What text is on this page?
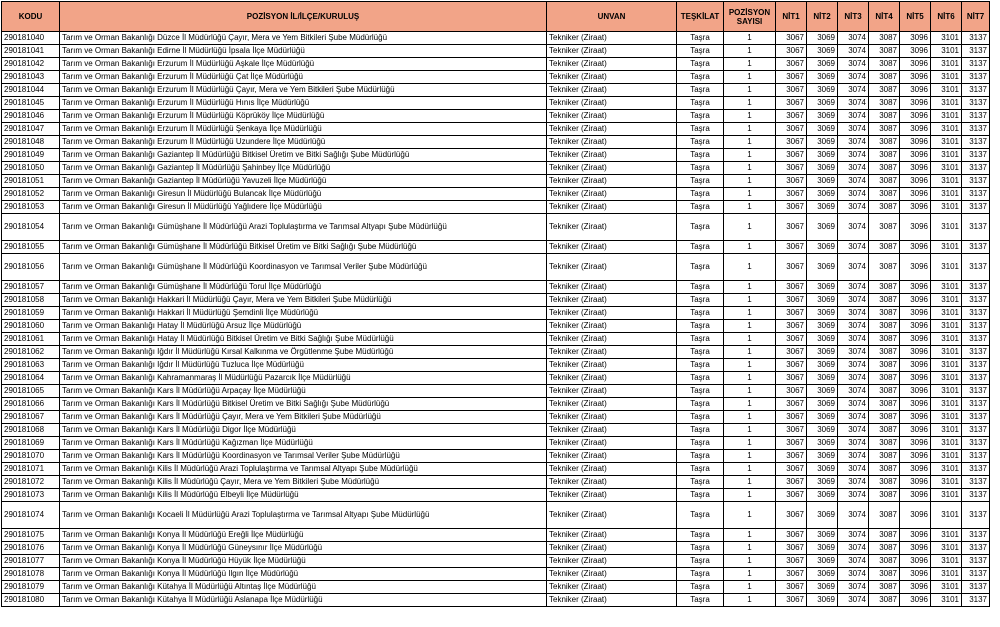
KODU	POZİSYON İL/İLÇE/KURULUŞ	UNVAN	TEŞKİLAT	POZİSYON SAYISI	NİT1	NİT2	NİT3	NİT4	NİT5	NİT6	NİT7
290181040	Tarım ve Orman Bakanlığı Düzce İl Müdürlüğü Çayır, Mera ve Yem Bitkileri Şube Müdürlüğü	Tekniker (Ziraat)	Taşra	1	3067	3069	3074	3087	3096	3101	3137
290181041	Tarım ve Orman Bakanlığı Edirne İl Müdürlüğü İpsala İlçe Müdürlüğü	Tekniker (Ziraat)	Taşra	1	3067	3069	3074	3087	3096	3101	3137
290181042	Tarım ve Orman Bakanlığı Erzurum İl Müdürlüğü Aşkale İlçe Müdürlüğü	Tekniker (Ziraat)	Taşra	1	3067	3069	3074	3087	3096	3101	3137
290181043	Tarım ve Orman Bakanlığı Erzurum İl Müdürlüğü Çat İlçe Müdürlüğü	Tekniker (Ziraat)	Taşra	1	3067	3069	3074	3087	3096	3101	3137
290181044	Tarım ve Orman Bakanlığı Erzurum İl Müdürlüğü Çayır, Mera ve Yem Bitkileri Şube Müdürlüğü	Tekniker (Ziraat)	Taşra	1	3067	3069	3074	3087	3096	3101	3137
290181045	Tarım ve Orman Bakanlığı Erzurum İl Müdürlüğü Hınıs İlçe Müdürlüğü	Tekniker (Ziraat)	Taşra	1	3067	3069	3074	3087	3096	3101	3137
290181046	Tarım ve Orman Bakanlığı Erzurum İl Müdürlüğü Köprüköy İlçe Müdürlüğü	Tekniker (Ziraat)	Taşra	1	3067	3069	3074	3087	3096	3101	3137
290181047	Tarım ve Orman Bakanlığı Erzurum İl Müdürlüğü Şenkaya İlçe Müdürlüğü	Tekniker (Ziraat)	Taşra	1	3067	3069	3074	3087	3096	3101	3137
290181048	Tarım ve Orman Bakanlığı Erzurum İl Müdürlüğü Uzundere İlçe Müdürlüğü	Tekniker (Ziraat)	Taşra	1	3067	3069	3074	3087	3096	3101	3137
290181049	Tarım ve Orman Bakanlığı Gaziantep İl Müdürlüğü Bitkisel Üretim ve Bitki Sağlığı Şube Müdürlüğü	Tekniker (Ziraat)	Taşra	1	3067	3069	3074	3087	3096	3101	3137
290181050	Tarım ve Orman Bakanlığı Gaziantep İl Müdürlüğü Şahinbey İlçe Müdürlüğü	Tekniker (Ziraat)	Taşra	1	3067	3069	3074	3087	3096	3101	3137
290181051	Tarım ve Orman Bakanlığı Gaziantep İl Müdürlüğü Yavuzeli İlçe Müdürlüğü	Tekniker (Ziraat)	Taşra	1	3067	3069	3074	3087	3096	3101	3137
290181052	Tarım ve Orman Bakanlığı Giresun İl Müdürlüğü Bulancak İlçe Müdürlüğü	Tekniker (Ziraat)	Taşra	1	3067	3069	3074	3087	3096	3101	3137
290181053	Tarım ve Orman Bakanlığı Giresun İl Müdürlüğü Yağlıdere İlçe Müdürlüğü	Tekniker (Ziraat)	Taşra	1	3067	3069	3074	3087	3096	3101	3137
290181054	Tarım ve Orman Bakanlığı Gümüşhane İl Müdürlüğü Arazi Toplulaştırma ve Tarımsal Altyapı Şube Müdürlüğü	Tekniker (Ziraat)	Taşra	1	3067	3069	3074	3087	3096	3101	3137
290181055	Tarım ve Orman Bakanlığı Gümüşhane İl Müdürlüğü Bitkisel Üretim ve Bitki Sağlığı Şube Müdürlüğü	Tekniker (Ziraat)	Taşra	1	3067	3069	3074	3087	3096	3101	3137
290181056	Tarım ve Orman Bakanlığı Gümüşhane İl Müdürlüğü Koordinasyon ve Tarımsal Veriler Şube Müdürlüğü	Tekniker (Ziraat)	Taşra	1	3067	3069	3074	3087	3096	3101	3137
290181057	Tarım ve Orman Bakanlığı Gümüşhane İl Müdürlüğü Torul İlçe Müdürlüğü	Tekniker (Ziraat)	Taşra	1	3067	3069	3074	3087	3096	3101	3137
290181058	Tarım ve Orman Bakanlığı Hakkari İl Müdürlüğü Çayır, Mera ve Yem Bitkileri Şube Müdürlüğü	Tekniker (Ziraat)	Taşra	1	3067	3069	3074	3087	3096	3101	3137
290181059	Tarım ve Orman Bakanlığı Hakkari İl Müdürlüğü Şemdinli İlçe Müdürlüğü	Tekniker (Ziraat)	Taşra	1	3067	3069	3074	3087	3096	3101	3137
290181060	Tarım ve Orman Bakanlığı Hatay İl Müdürlüğü Arsuz İlçe Müdürlüğü	Tekniker (Ziraat)	Taşra	1	3067	3069	3074	3087	3096	3101	3137
290181061	Tarım ve Orman Bakanlığı Hatay İl Müdürlüğü Bitkisel Üretim ve Bitki Sağlığı Şube Müdürlüğü	Tekniker (Ziraat)	Taşra	1	3067	3069	3074	3087	3096	3101	3137
290181062	Tarım ve Orman Bakanlığı Iğdır İl Müdürlüğü Kırsal Kalkınma ve Örgütlenme Şube Müdürlüğü	Tekniker (Ziraat)	Taşra	1	3067	3069	3074	3087	3096	3101	3137
290181063	Tarım ve Orman Bakanlığı Iğdır İl Müdürlüğü Tuzluca İlçe Müdürlüğü	Tekniker (Ziraat)	Taşra	1	3067	3069	3074	3087	3096	3101	3137
290181064	Tarım ve Orman Bakanlığı Kahramanmaraş İl Müdürlüğü Pazarcık İlçe Müdürlüğü	Tekniker (Ziraat)	Taşra	1	3067	3069	3074	3087	3096	3101	3137
290181065	Tarım ve Orman Bakanlığı Kars İl Müdürlüğü Arpaçay İlçe Müdürlüğü	Tekniker (Ziraat)	Taşra	1	3067	3069	3074	3087	3096	3101	3137
290181066	Tarım ve Orman Bakanlığı Kars İl Müdürlüğü Bitkisel Üretim ve Bitki Sağlığı Şube Müdürlüğü	Tekniker (Ziraat)	Taşra	1	3067	3069	3074	3087	3096	3101	3137
290181067	Tarım ve Orman Bakanlığı Kars İl Müdürlüğü Çayır, Mera ve Yem Bitkileri Şube Müdürlüğü	Tekniker (Ziraat)	Taşra	1	3067	3069	3074	3087	3096	3101	3137
290181068	Tarım ve Orman Bakanlığı Kars İl Müdürlüğü Digor İlçe Müdürlüğü	Tekniker (Ziraat)	Taşra	1	3067	3069	3074	3087	3096	3101	3137
290181069	Tarım ve Orman Bakanlığı Kars İl Müdürlüğü Kağızman İlçe Müdürlüğü	Tekniker (Ziraat)	Taşra	1	3067	3069	3074	3087	3096	3101	3137
290181070	Tarım ve Orman Bakanlığı Kars İl Müdürlüğü Koordinasyon ve Tarımsal Veriler Şube Müdürlüğü	Tekniker (Ziraat)	Taşra	1	3067	3069	3074	3087	3096	3101	3137
290181071	Tarım ve Orman Bakanlığı Kilis İl Müdürlüğü Arazi Toplulaştırma ve Tarımsal Altyapı Şube Müdürlüğü	Tekniker (Ziraat)	Taşra	1	3067	3069	3074	3087	3096	3101	3137
290181072	Tarım ve Orman Bakanlığı Kilis İl Müdürlüğü Çayır, Mera ve Yem Bitkileri Şube Müdürlüğü	Tekniker (Ziraat)	Taşra	1	3067	3069	3074	3087	3096	3101	3137
290181073	Tarım ve Orman Bakanlığı Kilis İl Müdürlüğü Elbeyli İlçe Müdürlüğü	Tekniker (Ziraat)	Taşra	1	3067	3069	3074	3087	3096	3101	3137
290181074	Tarım ve Orman Bakanlığı Kocaeli İl Müdürlüğü Arazi Toplulaştırma ve Tarımsal Altyapı Şube Müdürlüğü	Tekniker (Ziraat)	Taşra	1	3067	3069	3074	3087	3096	3101	3137
290181075	Tarım ve Orman Bakanlığı Konya İl Müdürlüğü Ereğli İlçe Müdürlüğü	Tekniker (Ziraat)	Taşra	1	3067	3069	3074	3087	3096	3101	3137
290181076	Tarım ve Orman Bakanlığı Konya İl Müdürlüğü Güneysınır İlçe Müdürlüğü	Tekniker (Ziraat)	Taşra	1	3067	3069	3074	3087	3096	3101	3137
290181077	Tarım ve Orman Bakanlığı Konya İl Müdürlüğü Hüyük İlçe Müdürlüğü	Tekniker (Ziraat)	Taşra	1	3067	3069	3074	3087	3096	3101	3137
290181078	Tarım ve Orman Bakanlığı Konya İl Müdürlüğü Ilgın İlçe Müdürlüğü	Tekniker (Ziraat)	Taşra	1	3067	3069	3074	3087	3096	3101	3137
290181079	Tarım ve Orman Bakanlığı Kütahya İl Müdürlüğü Altıntaş İlçe Müdürlüğü	Tekniker (Ziraat)	Taşra	1	3067	3069	3074	3087	3096	3101	3137
290181080	Tarım ve Orman Bakanlığı Kütahya İl Müdürlüğü Aslanapa İlçe Müdürlüğü	Tekniker (Ziraat)	Taşra	1	3067	3069	3074	3087	3096	3101	3137
